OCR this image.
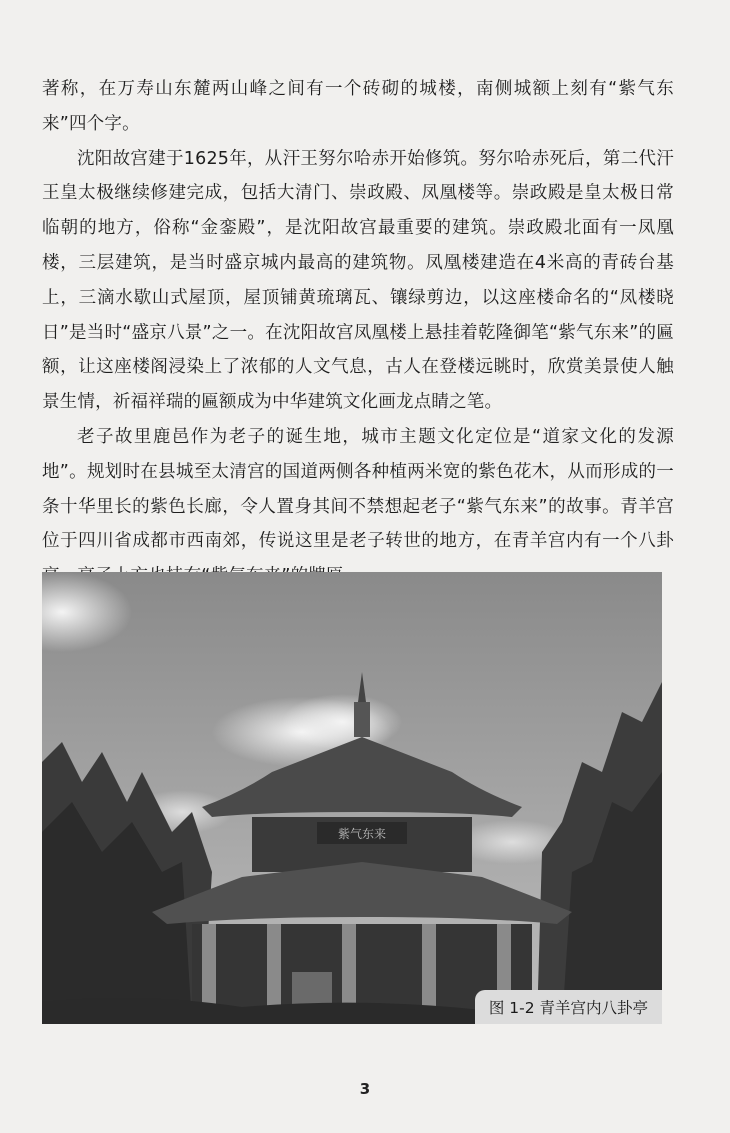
著称，在万寿山东麓两山峰之间有一个砖砌的城楼，南侧城额上刻有“紫气东来”四个字。

沈阳故宫建于1625年，从汗王努尔哈赤开始修筑。努尔哈赤死后，第二代汗王皇太极继续修建完成，包括大清门、崇政殿、凤凰楼等。崇政殿是皇太极日常临朝的地方，俗称“金銮殿”，是沈阳故宫最重要的建筑。崇政殿北面有一凤凰楼，三层建筑，是当时盛京城内最高的建筑物。凤凰楼建造在4米高的青砖台基上，三滴水歇山式屋顶，屋顶铺黄琉璃瓦、镶绿剪边，以这座楼命名的“凤楼晓日”是当时“盛京八景”之一。在沈阳故宫凤凰楼上悬挂着乾隆御笔“紫气东来”的匾额，让这座楼阁浸染上了浓郁的人文气息，古人在登楼远眺时，欣赏美景使人触景生情，祈福祥瑞的匾额成为中华建筑文化画龙点睛之笔。

老子故里鹿邑作为老子的诞生地，城市主题文化定位是“道家文化的发源地”。规划时在县城至太清宫的国道两侧各种植两米宽的紫色花木，从而形成的一条十华里长的紫色长廊，令人置身其间不禁想起老子“紫气东来”的故事。青羊宫位于四川省成都市西南郊，传说这里是老子转世的地方，在青羊宫内有一个八卦

紫气东来
图 1-2 青羊宫内八卦亭
3
